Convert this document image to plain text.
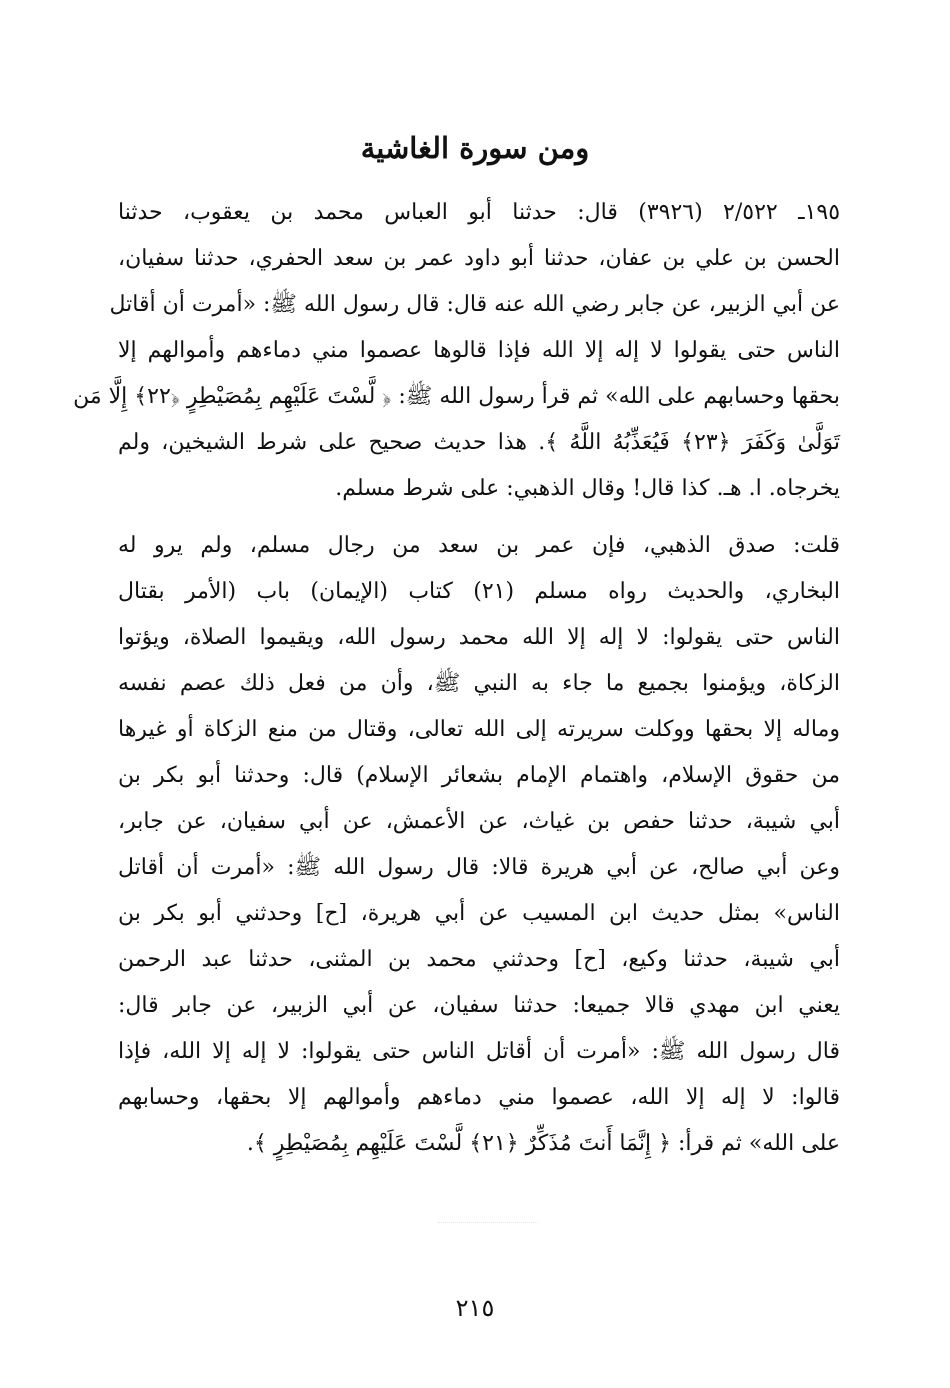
ومن سورة الغاشية
١٩٥ـ ٢/٥٢٢ (٣٩٢٦) قال: حدثنا أبو العباس محمد بن يعقوب، حدثنا
الحسن بن علي بن عفان، حدثنا أبو داود عمر بن سعد الحفري، حدثنا سفيان،
عن أبي الزبير، عن جابر رضي الله عنه قال: قال رسول الله ﷺ: «أمرت أن أقاتل
الناس حتى يقولوا لا إله إلا الله فإذا قالوها عصموا مني دماءهم وأموالهم إلا
بحقها وحسابهم على الله» ثم قرأ رسول الله ﷺ: ﴿ لَّسْتَ عَلَيْهِم بِمُصَيْطِرٍ ﴿٢٢﴾ إِلَّا مَن
تَوَلَّىٰ وَكَفَرَ ﴿٢٣﴾ فَيُعَذِّبُهُ اللَّهُ ﴾. هذا حديث صحيح على شرط الشيخين، ولم
يخرجاه. ا. هـ. كذا قال! وقال الذهبي: على شرط مسلم.
قلت: صدق الذهبي، فإن عمر بن سعد من رجال مسلم، ولم يرو له
البخاري، والحديث رواه مسلم (٢١) كتاب (الإيمان) باب (الأمر بقتال
الناس حتى يقولوا: لا إله إلا الله محمد رسول الله، ويقيموا الصلاة، ويؤتوا
الزكاة، ويؤمنوا بجميع ما جاء به النبي ﷺ، وأن من فعل ذلك عصم نفسه
وماله إلا بحقها ووكلت سريرته إلى الله تعالى، وقتال من منع الزكاة أو غيرها
من حقوق الإسلام، واهتمام الإمام بشعائر الإسلام) قال: وحدثنا أبو بكر بن
أبي شيبة، حدثنا حفص بن غياث، عن الأعمش، عن أبي سفيان، عن جابر،
وعن أبي صالح، عن أبي هريرة قالا: قال رسول الله ﷺ: «أمرت أن أقاتل
الناس» بمثل حديث ابن المسيب عن أبي هريرة، [ح] وحدثني أبو بكر بن
أبي شيبة، حدثنا وكيع، [ح] وحدثني محمد بن المثنى، حدثنا عبد الرحمن
يعني ابن مهدي قالا جميعا: حدثنا سفيان، عن أبي الزبير، عن جابر قال:
قال رسول الله ﷺ: «أمرت أن أقاتل الناس حتى يقولوا: لا إله إلا الله، فإذا
قالوا: لا إله إلا الله، عصموا مني دماءهم وأموالهم إلا بحقها، وحسابهم
على الله» ثم قرأ: ﴿ إِنَّمَا أَنتَ مُذَكِّرٌ ﴿٢١﴾ لَّسْتَ عَلَيْهِم بِمُصَيْطِرٍ ﴾.
٢١٥
